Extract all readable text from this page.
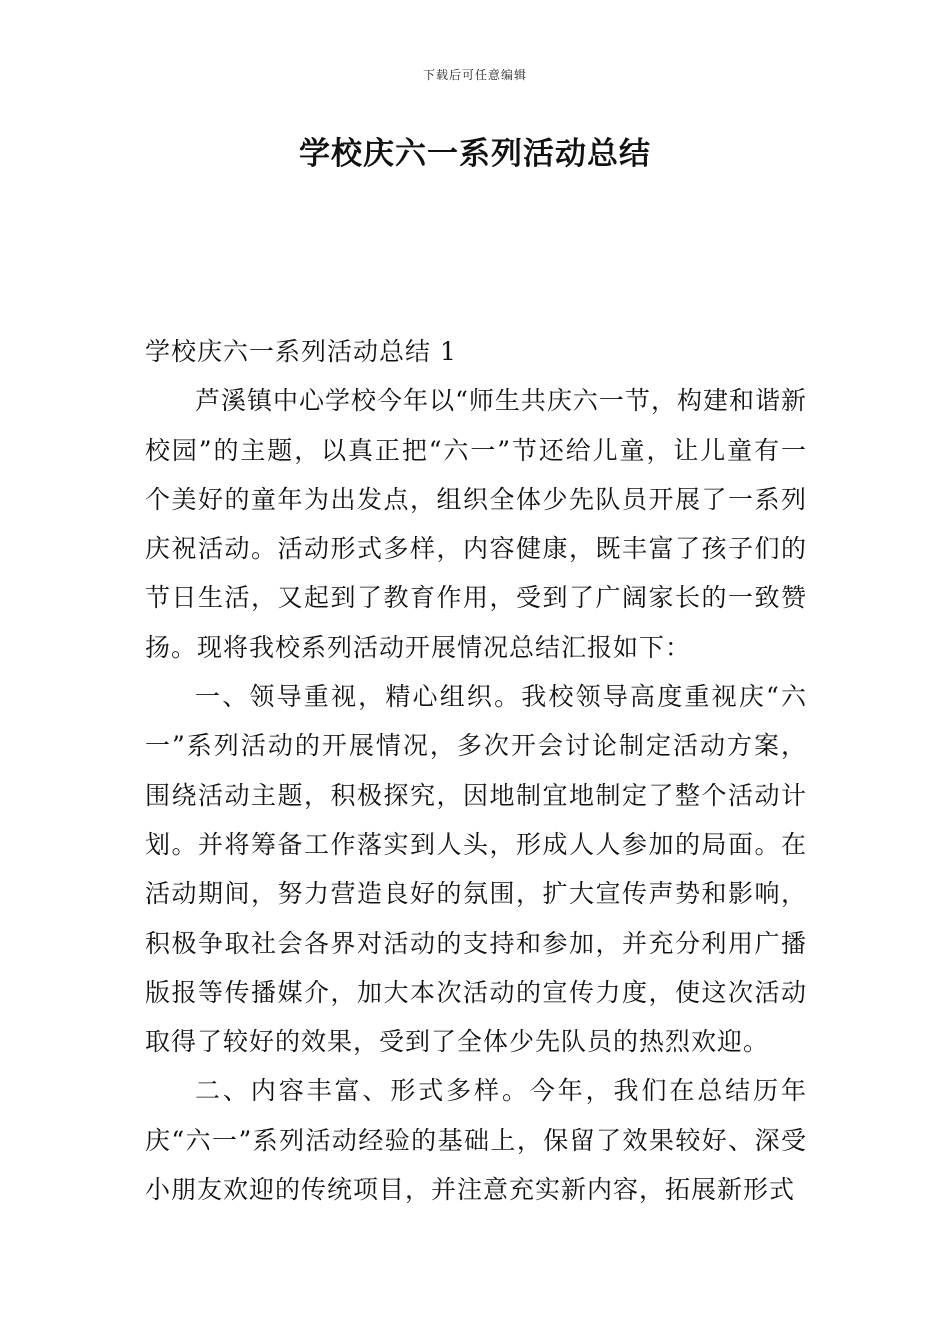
下载后可任意编辑
学校庆六一系列活动总结

学校庆六一系列活动总结 1

芦溪镇中心学校今年以“师生共庆六一节，构建和谐新校园”的主题，以真正把“六一”节还给儿童，让儿童有一个美好的童年为出发点，组织全体少先队员开展了一系列庆祝活动。活动形式多样，内容健康，既丰富了孩子们的节日生活，又起到了教育作用，受到了广阔家长的一致赞扬。现将我校系列活动开展情况总结汇报如下：

一、领导重视，精心组织。我校领导高度重视庆“六一”系列活动的开展情况，多次开会讨论制定活动方案，围绕活动主题，积极探究，因地制宜地制定了整个活动计划。并将筹备工作落实到人头，形成人人参加的局面。在活动期间，努力营造良好的氛围，扩大宣传声势和影响，积极争取社会各界对活动的支持和参加，并充分利用广播版报等传播媒介，加大本次活动的宣传力度，使这次活动取得了较好的效果，受到了全体少先队员的热烈欢迎。

二、内容丰富、形式多样。今年，我们在总结历年庆“六一”系列活动经验的基础上，保留了效果较好、深受小朋友欢迎的传统项目，并注意充实新内容，拓展新形式
